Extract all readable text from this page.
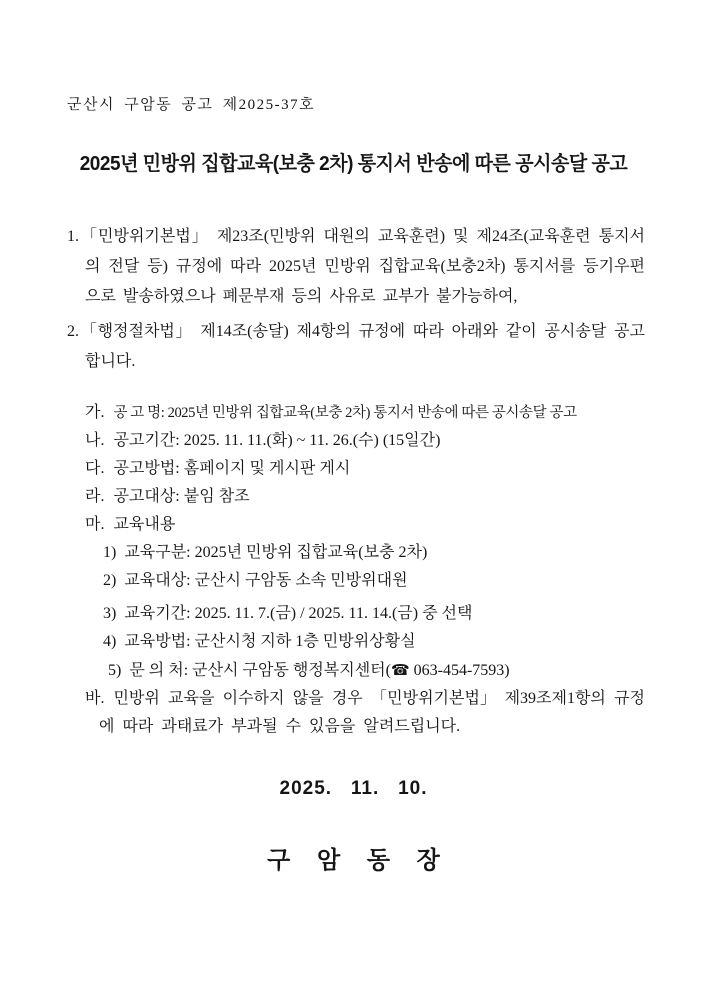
군산시 구암동 공고 제2025-37호
2025년 민방위 집합교육(보충 2차) 통지서 반송에 따른 공시송달 공고

1.「민방위기본법」 제23조(민방위 대원의 교육훈련) 및 제24조(교육훈련 통지서의 전달 등) 규정에 따라 2025년 민방위 집합교육(보충2차) 통지서를 등기우편으로 발송하였으나 폐문부재 등의 사유로 교부가 불가능하여,

2.「행정절차법」 제14조(송달) 제4항의 규정에 따라 아래와 같이 공시송달 공고합니다.

가. 공 고 명: 2025년 민방위 집합교육(보충 2차) 통지서 반송에 따른 공시송달 공고
나. 공고기간: 2025. 11. 11.(화) ~ 11. 26.(수) (15일간)
다. 공고방법: 홈페이지 및 게시판 게시
라. 공고대상: 붙임 참조
마. 교육내용
1) 교육구분: 2025년 민방위 집합교육(보충 2차)
2) 교육대상: 군산시 구암동 소속 민방위대원
3) 교육기간: 2025. 11. 7.(금) / 2025. 11. 14.(금) 중 선택
4) 교육방법: 군산시청 지하 1층 민방위상황실
5) 문 의 처: 군산시 구암동 행정복지센터(☎ 063-454-7593)
바. 민방위 교육을 이수하지 않을 경우 「민방위기본법」 제39조제1항의 규정에 따라 과태료가 부과될 수 있음을 알려드립니다.
2025.   11.   10.
구 암 동 장
